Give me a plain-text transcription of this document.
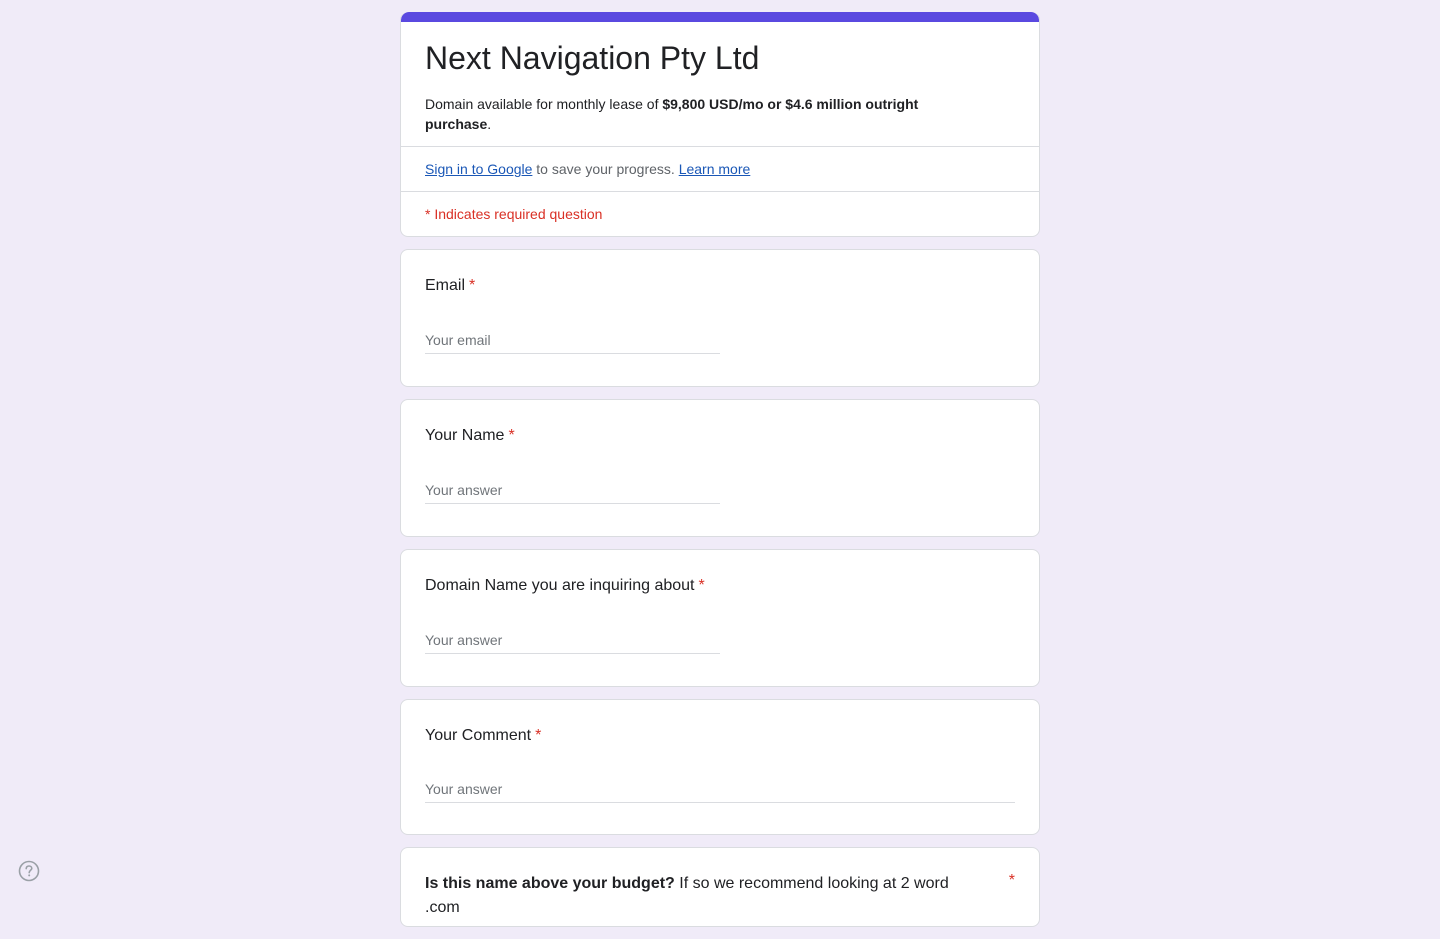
Next Navigation Pty Ltd
Domain available for monthly lease of $9,800 USD/mo or $4.6 million outright purchase.
Sign in to Google to save your progress. Learn more
* Indicates required question
Email *
Your email
Your Name *
Your answer
Domain Name you are inquiring about *
Your answer
Your Comment *
Your answer
Is this name above your budget? If so we recommend looking at 2 word .com
*
